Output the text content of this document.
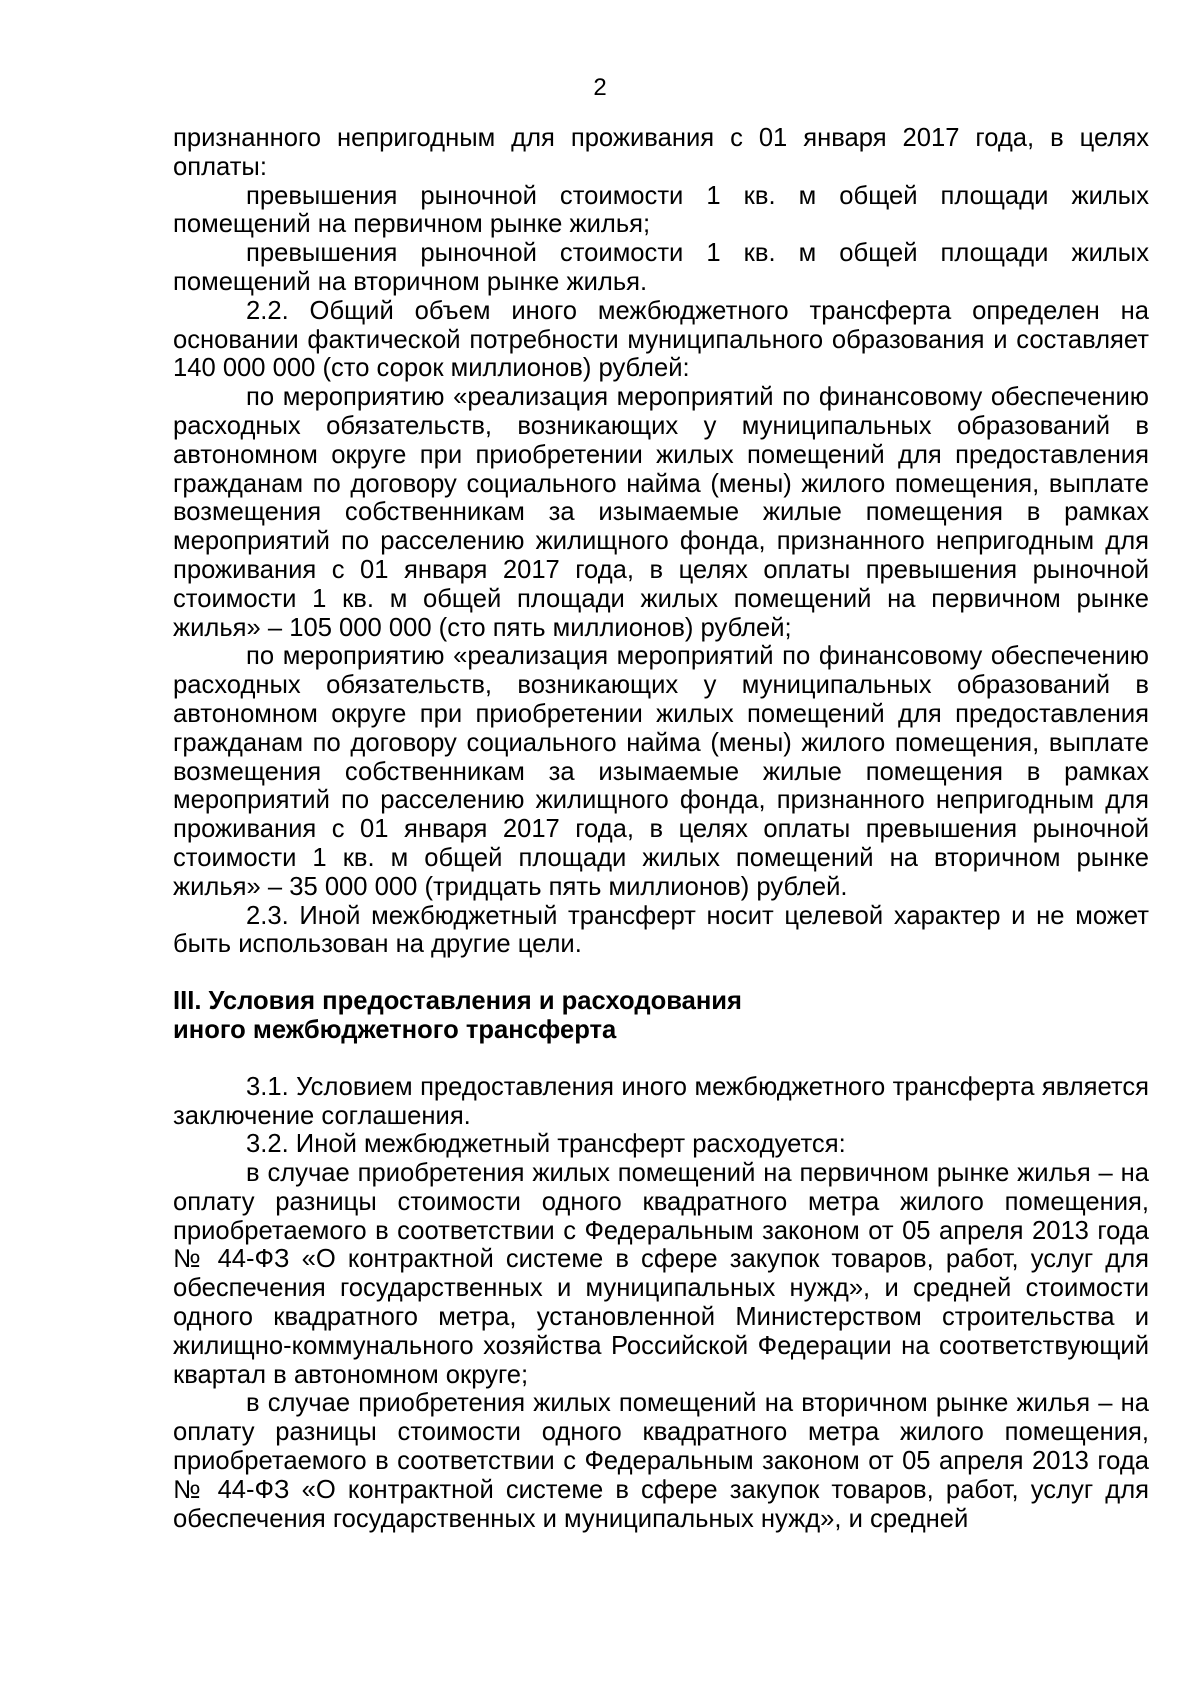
2

признанного непригодным для проживания с 01 января 2017 года, в целях оплаты:

превышения рыночной стоимости 1 кв. м общей площади жилых помещений на первичном рынке жилья;

превышения рыночной стоимости 1 кв. м общей площади жилых помещений на вторичном рынке жилья.

2.2. Общий объем иного межбюджетного трансферта определен на основании фактической потребности муниципального образования и составляет 140 000 000 (сто сорок миллионов) рублей:

по мероприятию «реализация мероприятий по финансовому обеспечению расходных обязательств, возникающих у муниципальных образований в автономном округе при приобретении жилых помещений для предоставления гражданам по договору социального найма (мены) жилого помещения, выплате возмещения собственникам за изымаемые жилые помещения в рамках мероприятий по расселению жилищного фонда, признанного непригодным для проживания с 01 января 2017 года, в целях оплаты превышения рыночной стоимости 1 кв. м общей площади жилых помещений на первичном рынке жилья» – 105 000 000 (сто пять миллионов) рублей;

по мероприятию «реализация мероприятий по финансовому обеспечению расходных обязательств, возникающих у муниципальных образований в автономном округе при приобретении жилых помещений для предоставления гражданам по договору социального найма (мены) жилого помещения, выплате возмещения собственникам за изымаемые жилые помещения в рамках мероприятий по расселению жилищного фонда, признанного непригодным для проживания с 01 января 2017 года, в целях оплаты превышения рыночной стоимости 1 кв. м общей площади жилых помещений на вторичном рынке жилья» – 35 000 000 (тридцать пять миллионов) рублей.

2.3. Иной межбюджетный трансферт носит целевой характер и не может быть использован на другие цели.

III. Условия предоставления и расходования

иного межбюджетного трансферта

3.1. Условием предоставления иного межбюджетного трансферта является заключение соглашения.

3.2. Иной межбюджетный трансферт расходуется:

в случае приобретения жилых помещений на первичном рынке жилья – на оплату разницы стоимости одного квадратного метра жилого помещения, приобретаемого в соответствии с Федеральным законом от 05 апреля 2013 года № 44-ФЗ «О контрактной системе в сфере закупок товаров, работ, услуг для обеспечения государственных и муниципальных нужд», и средней стоимости одного квадратного метра, установленной Министерством строительства и жилищно-коммунального хозяйства Российской Федерации на соответствующий квартал в автономном округе;

в случае приобретения жилых помещений на вторичном рынке жилья – на оплату разницы стоимости одного квадратного метра жилого помещения, приобретаемого в соответствии с Федеральным законом от 05 апреля 2013 года № 44-ФЗ «О контрактной системе в сфере закупок товаров, работ, услуг для обеспечения государственных и муниципальных нужд», и средней
